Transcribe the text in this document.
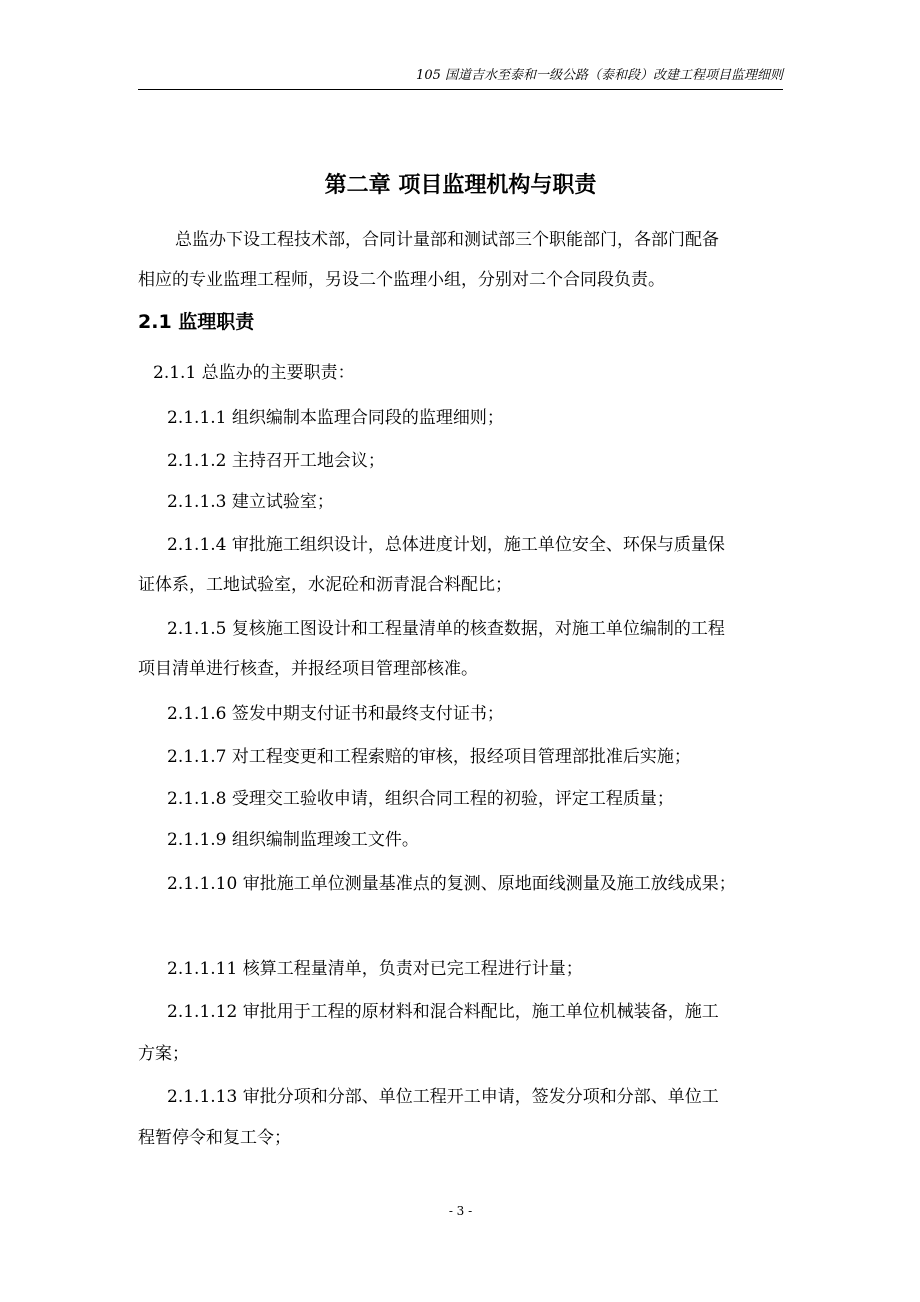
105 国道吉水至泰和一级公路（泰和段）改建工程项目监理细则
第二章 项目监理机构与职责
总监办下设工程技术部，合同计量部和测试部三个职能部门，各部门配备
相应的专业监理工程师，另设二个监理小组，分别对二个合同段负责。
2.1 监理职责
2.1.1 总监办的主要职责：
2.1.1.1 组织编制本监理合同段的监理细则；
2.1.1.2 主持召开工地会议；
2.1.1.3 建立试验室；
2.1.1.4 审批施工组织设计，总体进度计划，施工单位安全、环保与质量保
证体系，工地试验室，水泥砼和沥青混合料配比；
2.1.1.5 复核施工图设计和工程量清单的核查数据，对施工单位编制的工程
项目清单进行核查，并报经项目管理部核准。
2.1.1.6 签发中期支付证书和最终支付证书；
2.1.1.7 对工程变更和工程索赔的审核，报经项目管理部批准后实施；
2.1.1.8 受理交工验收申请，组织合同工程的初验，评定工程质量；
2.1.1.9 组织编制监理竣工文件。
2.1.1.10 审批施工单位测量基准点的复测、原地面线测量及施工放线成果；
2.1.1.11 核算工程量清单，负责对已完工程进行计量；
2.1.1.12 审批用于工程的原材料和混合料配比，施工单位机械装备，施工
方案；
2.1.1.13 审批分项和分部、单位工程开工申请，签发分项和分部、单位工
程暂停令和复工令；
- 3 -
